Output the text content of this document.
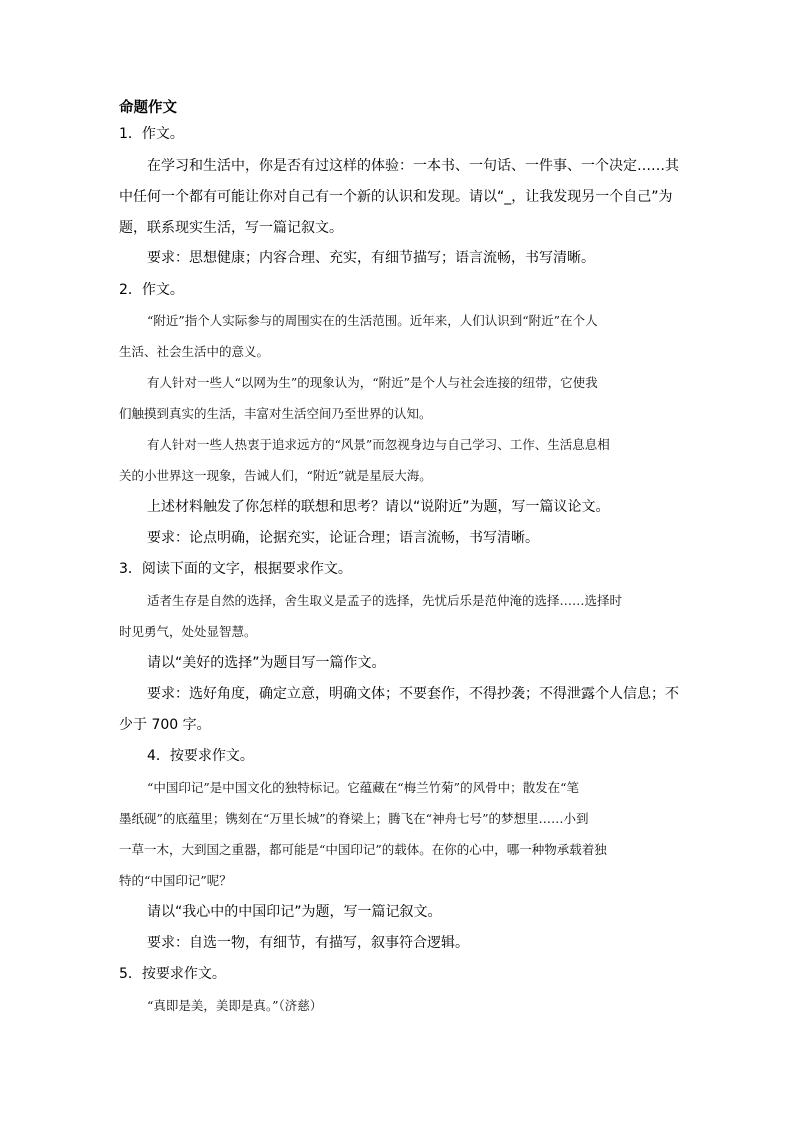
命题作文
1．作文。
在学习和生活中，你是否有过这样的体验：一本书、一句话、一件事、一个决定……其
中任何一个都有可能让你对自己有一个新的认识和发现。请以“_，让我发现另一个自己”为
题，联系现实生活，写一篇记叙文。
要求：思想健康；内容合理、充实，有细节描写；语言流畅，书写清晰。
2．作文。
“附近”指个人实际参与的周围实在的生活范围。近年来，人们认识到“附近”在个人
生活、社会生活中的意义。
有人针对一些人“以网为生”的现象认为，“附近”是个人与社会连接的纽带，它使我
们触摸到真实的生活，丰富对生活空间乃至世界的认知。
有人针对一些人热衷于追求远方的“风景”而忽视身边与自己学习、工作、生活息息相
关的小世界这一现象，告诫人们，“附近”就是星辰大海。
上述材料触发了你怎样的联想和思考？请以“说附近”为题，写一篇议论文。
要求：论点明确，论据充实，论证合理；语言流畅，书写清晰。
3．阅读下面的文字，根据要求作文。
适者生存是自然的选择，舍生取义是孟子的选择，先忧后乐是范仲淹的选择……选择时
时见勇气，处处显智慧。
请以“美好的选择”为题目写一篇作文。
要求：选好角度，确定立意，明确文体；不要套作，不得抄袭；不得泄露个人信息；不
少于 700 字。
4．按要求作文。
“中国印记”是中国文化的独特标记。它蕴藏在“梅兰竹菊”的风骨中；散发在“笔
墨纸砚”的底蕴里；镌刻在“万里长城”的脊梁上；腾飞在“神舟七号”的梦想里……小到
一草一木，大到国之重器，都可能是“中国印记”的载体。在你的心中，哪一种物承载着独
特的“中国印记”呢？
请以“我心中的中国印记”为题，写一篇记叙文。
要求：自选一物，有细节，有描写，叙事符合逻辑。
5．按要求作文。
“真即是美，美即是真。”（济慈）
